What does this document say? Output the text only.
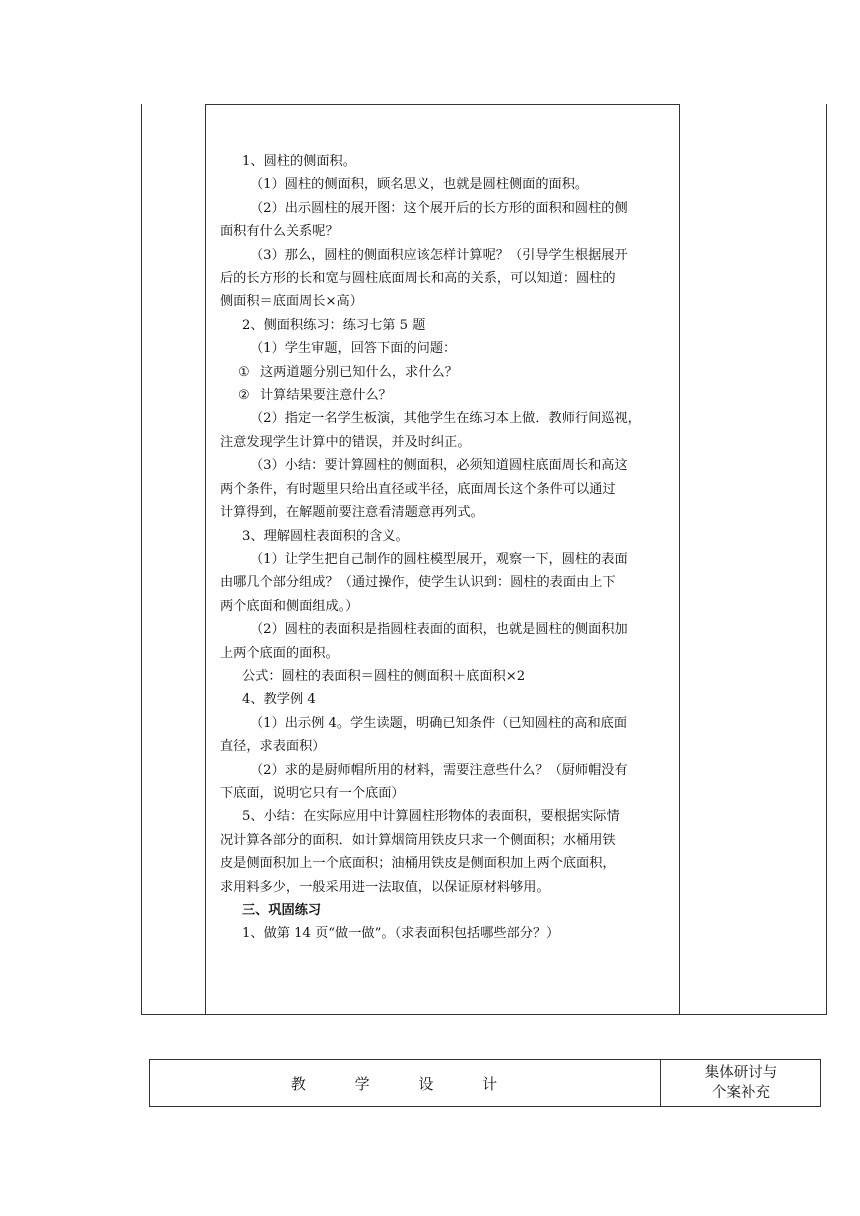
1、圆柱的侧面积。

（1）圆柱的侧面积，顾名思义，也就是圆柱侧面的面积。

（2）出示圆柱的展开图：这个展开后的长方形的面积和圆柱的侧

面积有什么关系呢？

（3）那么，圆柱的侧面积应该怎样计算呢？（引导学生根据展开

后的长方形的长和宽与圆柱底面周长和高的关系，可以知道：圆柱的

侧面积＝底面周长×高）

2、侧面积练习：练习七第 5 题

（1）学生审题，回答下面的问题：

① 这两道题分别已知什么，求什么？

② 计算结果要注意什么？

（2）指定一名学生板演，其他学生在练习本上做．教师行间巡视，

注意发现学生计算中的错误，并及时纠正。

（3）小结：要计算圆柱的侧面积，必须知道圆柱底面周长和高这

两个条件，有时题里只给出直径或半径，底面周长这个条件可以通过

计算得到，在解题前要注意看清题意再列式。

3、理解圆柱表面积的含义。

（1）让学生把自己制作的圆柱模型展开，观察一下，圆柱的表面

由哪几个部分组成？（通过操作，使学生认识到：圆柱的表面由上下

两个底面和侧面组成。）

（2）圆柱的表面积是指圆柱表面的面积，也就是圆柱的侧面积加

上两个底面的面积。

公式：圆柱的表面积＝圆柱的侧面积＋底面积×2

4、教学例 4

（1）出示例 4。学生读题，明确已知条件（已知圆柱的高和底面

直径，求表面积）

（2）求的是厨师帽所用的材料，需要注意些什么？（厨师帽没有

下底面，说明它只有一个底面）

5、小结：在实际应用中计算圆柱形物体的表面积，要根据实际情

况计算各部分的面积．如计算烟筒用铁皮只求一个侧面积；水桶用铁

皮是侧面积加上一个底面积；油桶用铁皮是侧面积加上两个底面积，

求用料多少，一般采用进一法取值，以保证原材料够用。

三、巩固练习

1、做第 14 页“做一做”。（求表面积包括哪些部分？）

教 学 设 计
集体研讨与
个案补充
